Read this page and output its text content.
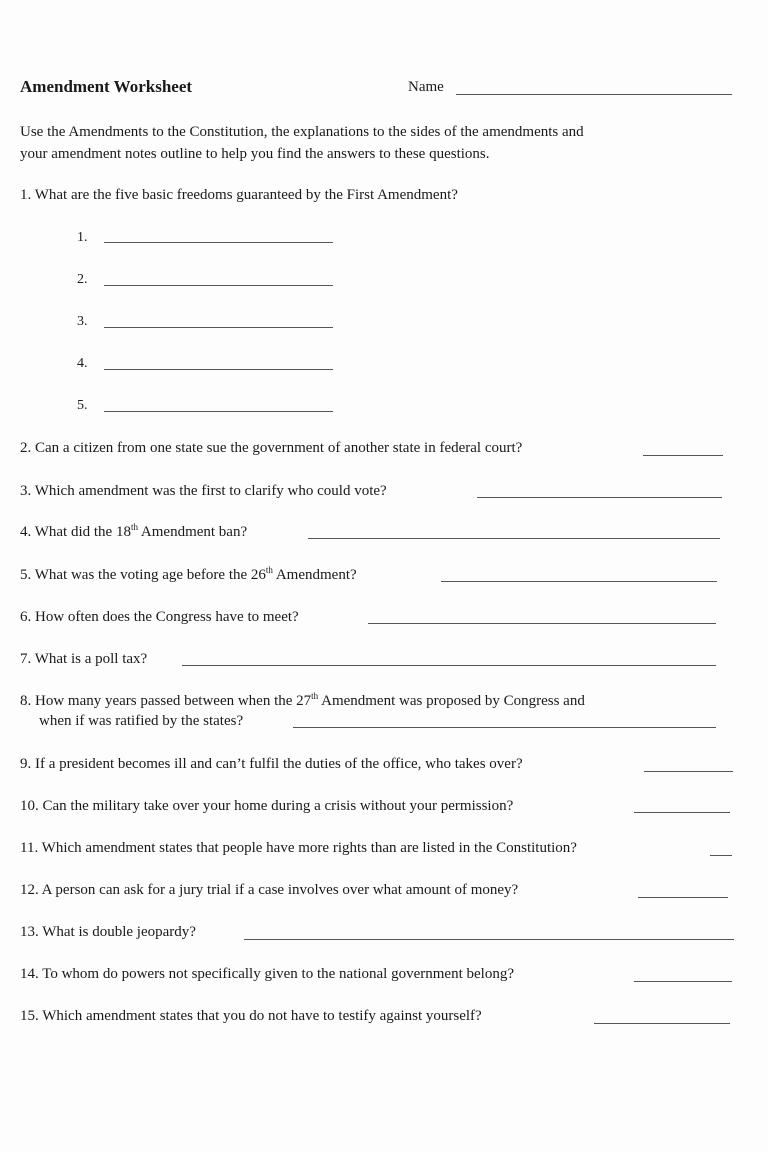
Amendment Worksheet	Name
Use the Amendments to the Constitution, the explanations to the sides of the amendments and
your amendment notes outline to help you find the answers to these questions.
1. What are the five basic freedoms guaranteed by the First Amendment?
1.
2.
3.
4.
5.
2. Can a citizen from one state sue the government of another state in federal court?
3. Which amendment was the first to clarify who could vote?
4. What did the 18th Amendment ban?
5. What was the voting age before the 26th Amendment?
6. How often does the Congress have to meet?
7. What is a poll tax?
8. How many years passed between when the 27th Amendment was proposed by Congress and
when if was ratified by the states?
9. If a president becomes ill and can’t fulfil the duties of the office, who takes over?
10. Can the military take over your home during a crisis without your permission?
11. Which amendment states that people have more rights than are listed in the Constitution?
12. A person can ask for a jury trial if a case involves over what amount of money?
13. What is double jeopardy?
14. To whom do powers not specifically given to the national government belong?
15. Which amendment states that you do not have to testify against yourself?
